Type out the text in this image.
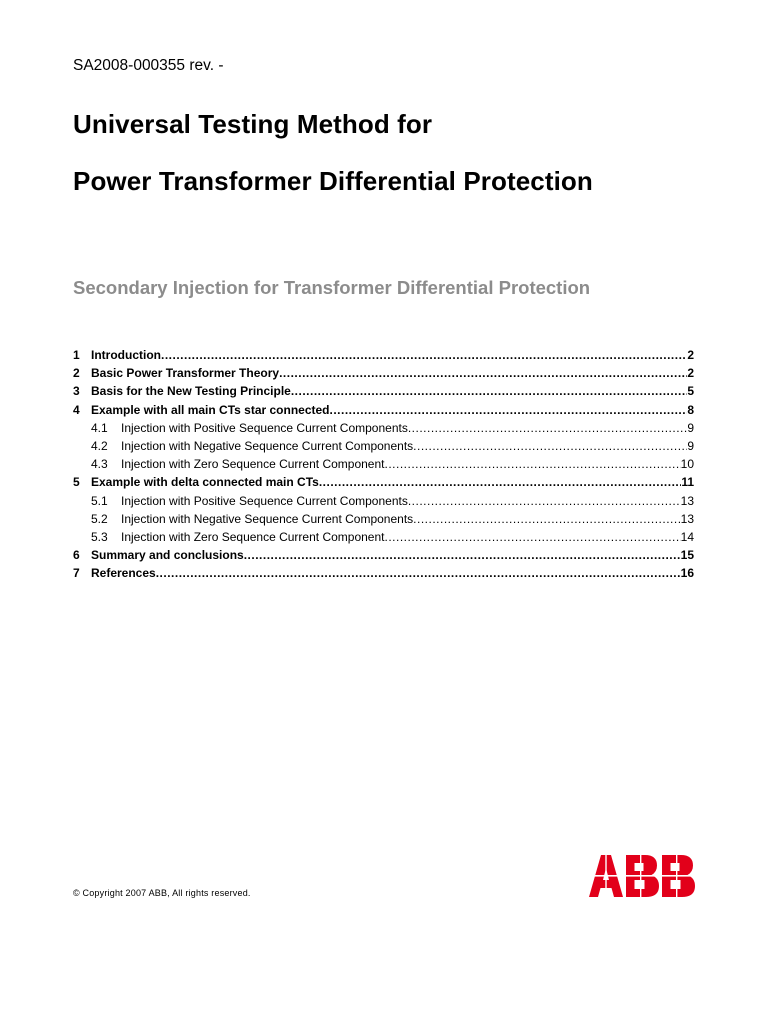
SA2008-000355 rev. -
Universal Testing Method for
Power Transformer Differential Protection
Secondary Injection for Transformer Differential Protection
1 Introduction .....	2
2 Basic Power Transformer Theory .....	2
3 Basis for the New Testing Principle .....	5
4 Example with all main CTs star connected .....	8
4.1	Injection with Positive Sequence Current Components .....	9
4.2	Injection with Negative Sequence Current Components .....	9
4.3	Injection with Zero Sequence Current Component .....	10
5 Example with delta connected main CTs .....	11
5.1	Injection with Positive Sequence Current Components .....	13
5.2	Injection with Negative Sequence Current Components .....	13
5.3	Injection with Zero Sequence Current Component .....	14
6 Summary and conclusions .....	15
7 References .....	16
© Copyright 2007 ABB, All rights reserved.
